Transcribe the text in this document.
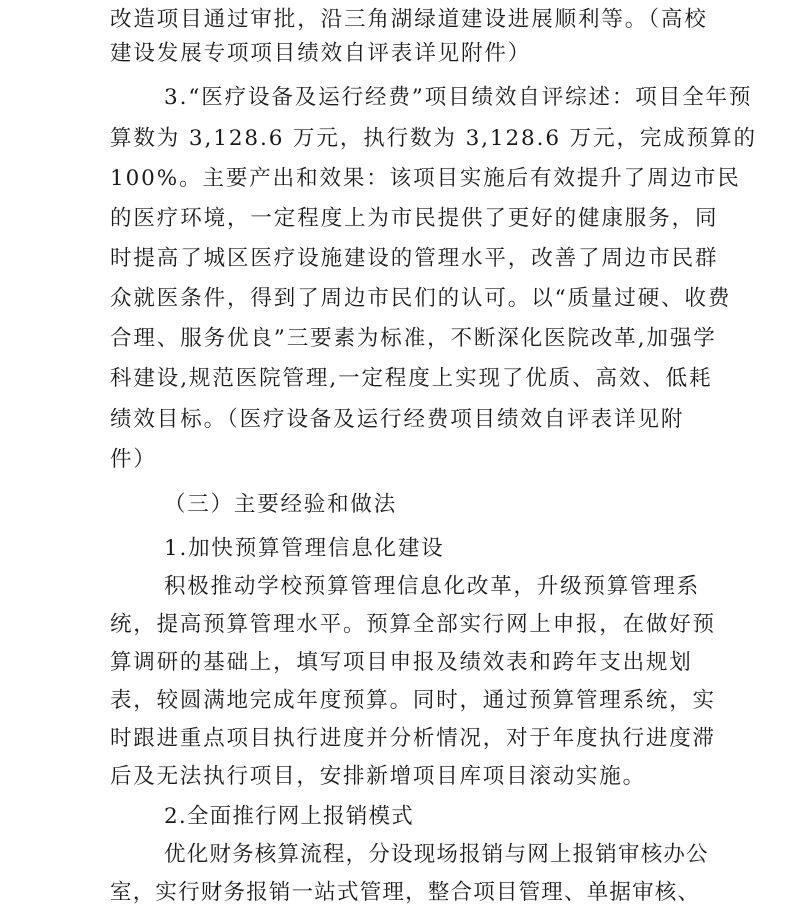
改造项目通过审批，沿三角湖绿道建设进展顺利等。（高校
建设发展专项项目绩效自评表详见附件）
3.“医疗设备及运行经费”项目绩效自评综述：项目全年预
算数为 3,128.6 万元，执行数为 3,128.6 万元，完成预算的
100%。主要产出和效果：该项目实施后有效提升了周边市民
的医疗环境，一定程度上为市民提供了更好的健康服务，同
时提高了城区医疗设施建设的管理水平，改善了周边市民群
众就医条件，得到了周边市民们的认可。以“质量过硬、收费
合理、服务优良”三要素为标准，不断深化医院改革,加强学
科建设,规范医院管理,一定程度上实现了优质、高效、低耗
绩效目标。（医疗设备及运行经费项目绩效自评表详见附
件）
（三）主要经验和做法
1.加快预算管理信息化建设
积极推动学校预算管理信息化改革，升级预算管理系
统，提高预算管理水平。预算全部实行网上申报，在做好预
算调研的基础上，填写项目申报及绩效表和跨年支出规划
表，较圆满地完成年度预算。同时，通过预算管理系统，实
时跟进重点项目执行进度并分析情况，对于年度执行进度滞
后及无法执行项目，安排新增项目库项目滚动实施。
2.全面推行网上报销模式
优化财务核算流程，分设现场报销与网上报销审核办公
室，实行财务报销一站式管理，整合项目管理、单据审核、
